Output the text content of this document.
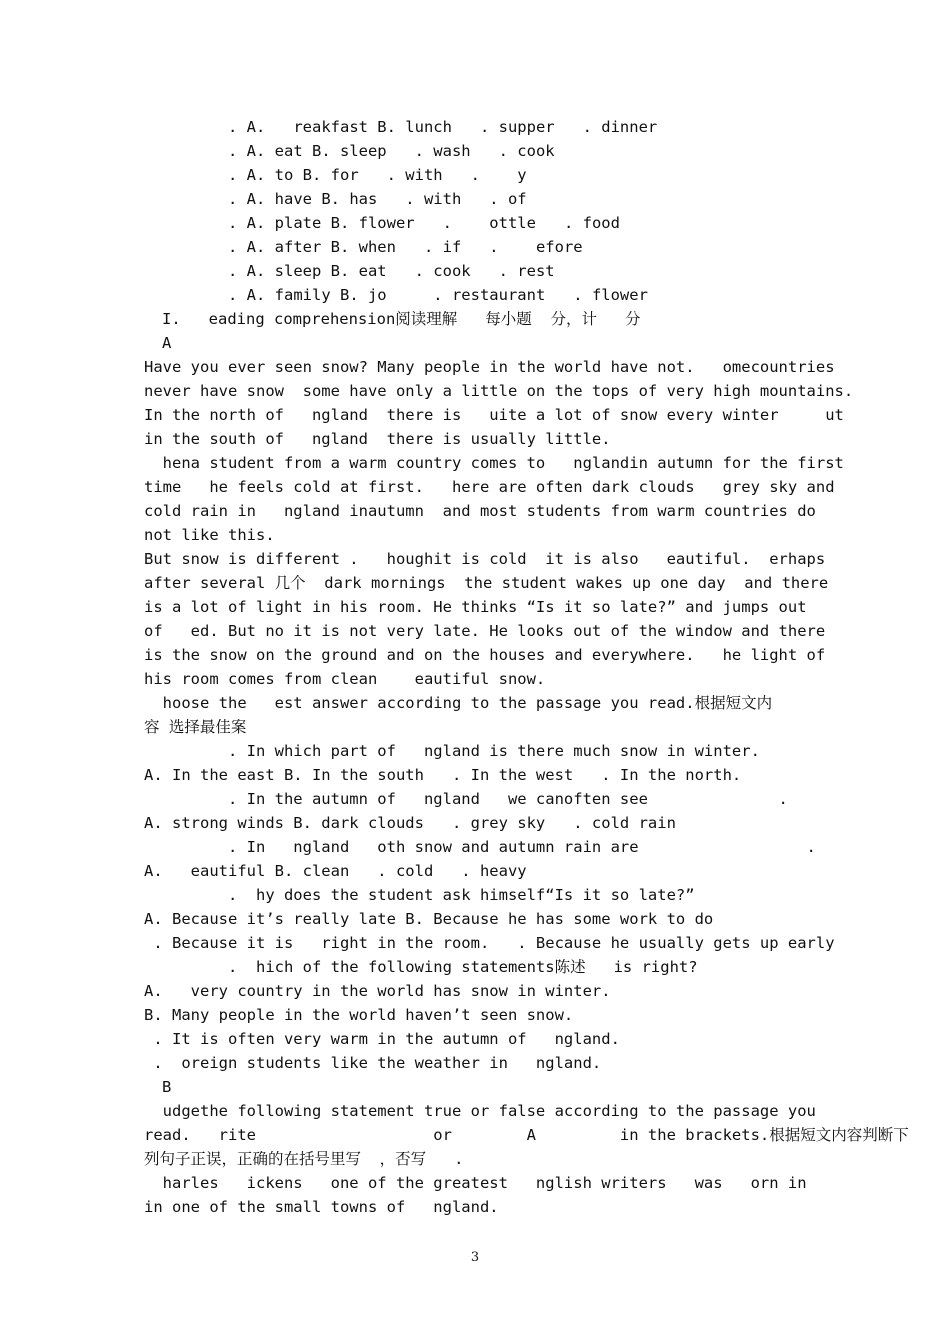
. A.   reakfast B. lunch   . supper   . dinner
. A. eat B. sleep   . wash   . cook
. A. to B. for   . with   .    y
. A. have B. has   . with   . of
. A. plate B. flower   .    ottle   . food
. A. after B. when   . if   .    efore
. A. sleep B. eat   . cook   . rest
. A. family B. jo     . restaurant   . flower
I.   eading comprehension阅读理解   每小题  分，计   分
A
Have you ever seen snow? Many people in the world have not.   omecountries
never have snow  some have only a little on the tops of very high mountains.
In the north of   ngland  there is   uite a lot of snow every winter     ut
in the south of   ngland  there is usually little.
hena student from a warm country comes to   nglandin autumn for the first
time   he feels cold at first.   here are often dark clouds   grey sky and
cold rain in   ngland inautumn  and most students from warm countries do
not like this.
But snow is different .   houghit is cold  it is also   eautiful.  erhaps
after several 几个  dark mornings  the student wakes up one day  and there
is a lot of light in his room. He thinks “Is it so late?” and jumps out
of   ed. But no it is not very late. He looks out of the window and there
is the snow on the ground and on the houses and everywhere.   he light of
his room comes from clean    eautiful snow.
hoose the   est answer according to the passage you read.根据短文内
容 选择最佳案
. In which part of   ngland is there much snow in winter.
A. In the east B. In the south   . In the west   . In the north.
. In the autumn of   ngland   we canoften see              .
A. strong winds B. dark clouds   . grey sky   . cold rain
. In   ngland   oth snow and autumn rain are                  .
A.   eautiful B. clean   . cold   . heavy
.  hy does the student ask himself“Is it so late?”
A. Because it’s really late B. Because he has some work to do
. Because it is   right in the room.   . Because he usually gets up early
.  hich of the following statements陈述   is right?
A.   very country in the world has snow in winter.
B. Many people in the world haven’t seen snow.
. It is often very warm in the autumn of   ngland.
.  oreign students like the weather in   ngland.
B
udgethe following statement true or false according to the passage you
read.   rite                   or        A         in the brackets.根据短文内容判断下
列句子正误，正确的在括号里写  ，否写   .
harles   ickens   one of the greatest   nglish writers   was   orn in
in one of the small towns of   ngland.
3
